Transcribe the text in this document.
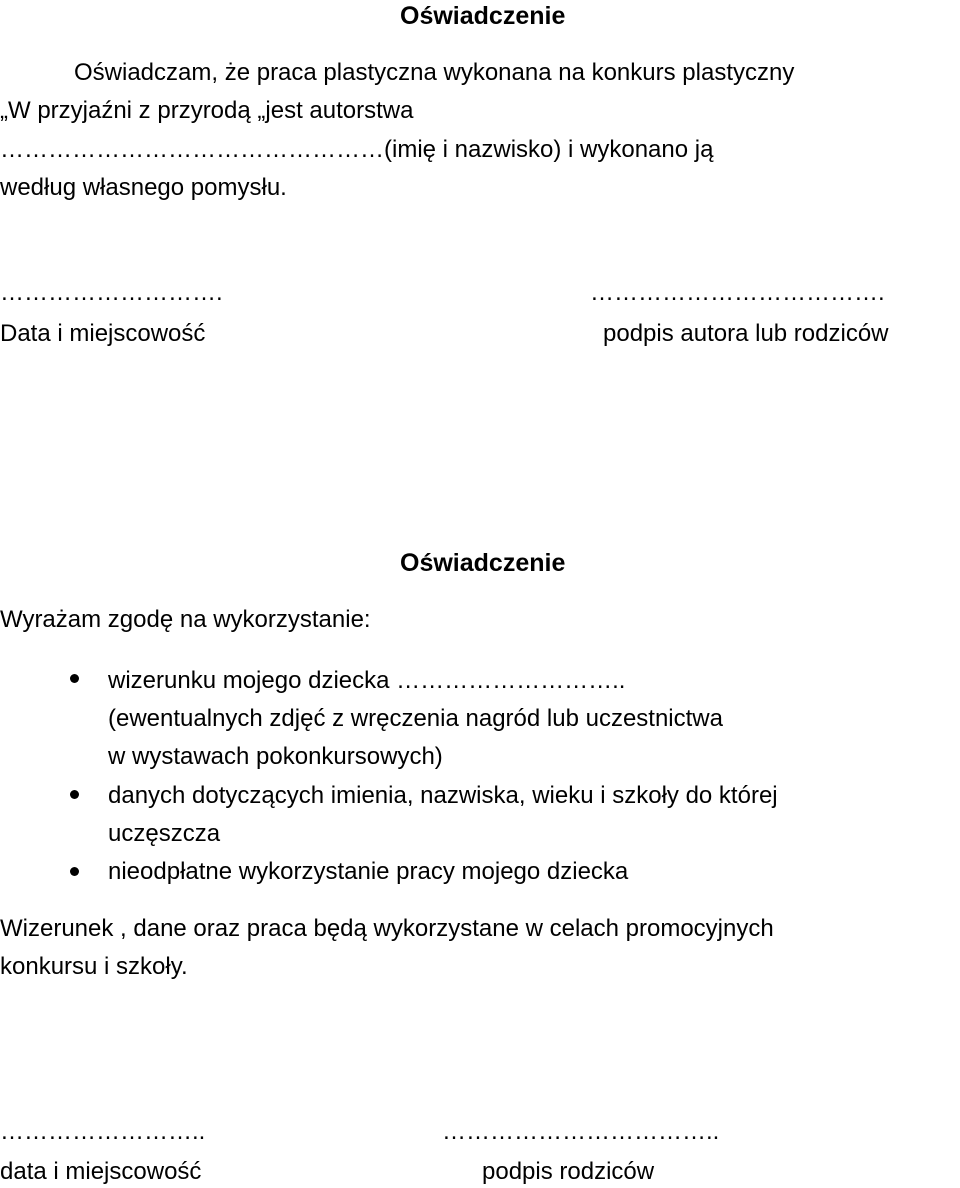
Oświadczenie
Oświadczam, że praca plastyczna wykonana na konkurs plastyczny
„W przyjaźni z przyrodą „jest autorstwa
…………………………………………(imię i nazwisko) i wykonano ją
według własnego pomysłu.
……………………….
Data i miejscowość
……………………………….
podpis autora lub rodziców
Oświadczenie
Wyrażam zgodę na wykorzystanie:
wizerunku mojego dziecka ………………………..
(ewentualnych zdjęć z wręczenia nagród lub uczestnictwa
w wystawach pokonkursowych)
danych dotyczących imienia, nazwiska, wieku i szkoły do której
uczęszcza
nieodpłatne wykorzystanie pracy mojego dziecka
Wizerunek , dane oraz praca będą wykorzystane w celach promocyjnych
konkursu i szkoły.
……………………..
data i miejscowość
……………………………..
podpis rodziców
